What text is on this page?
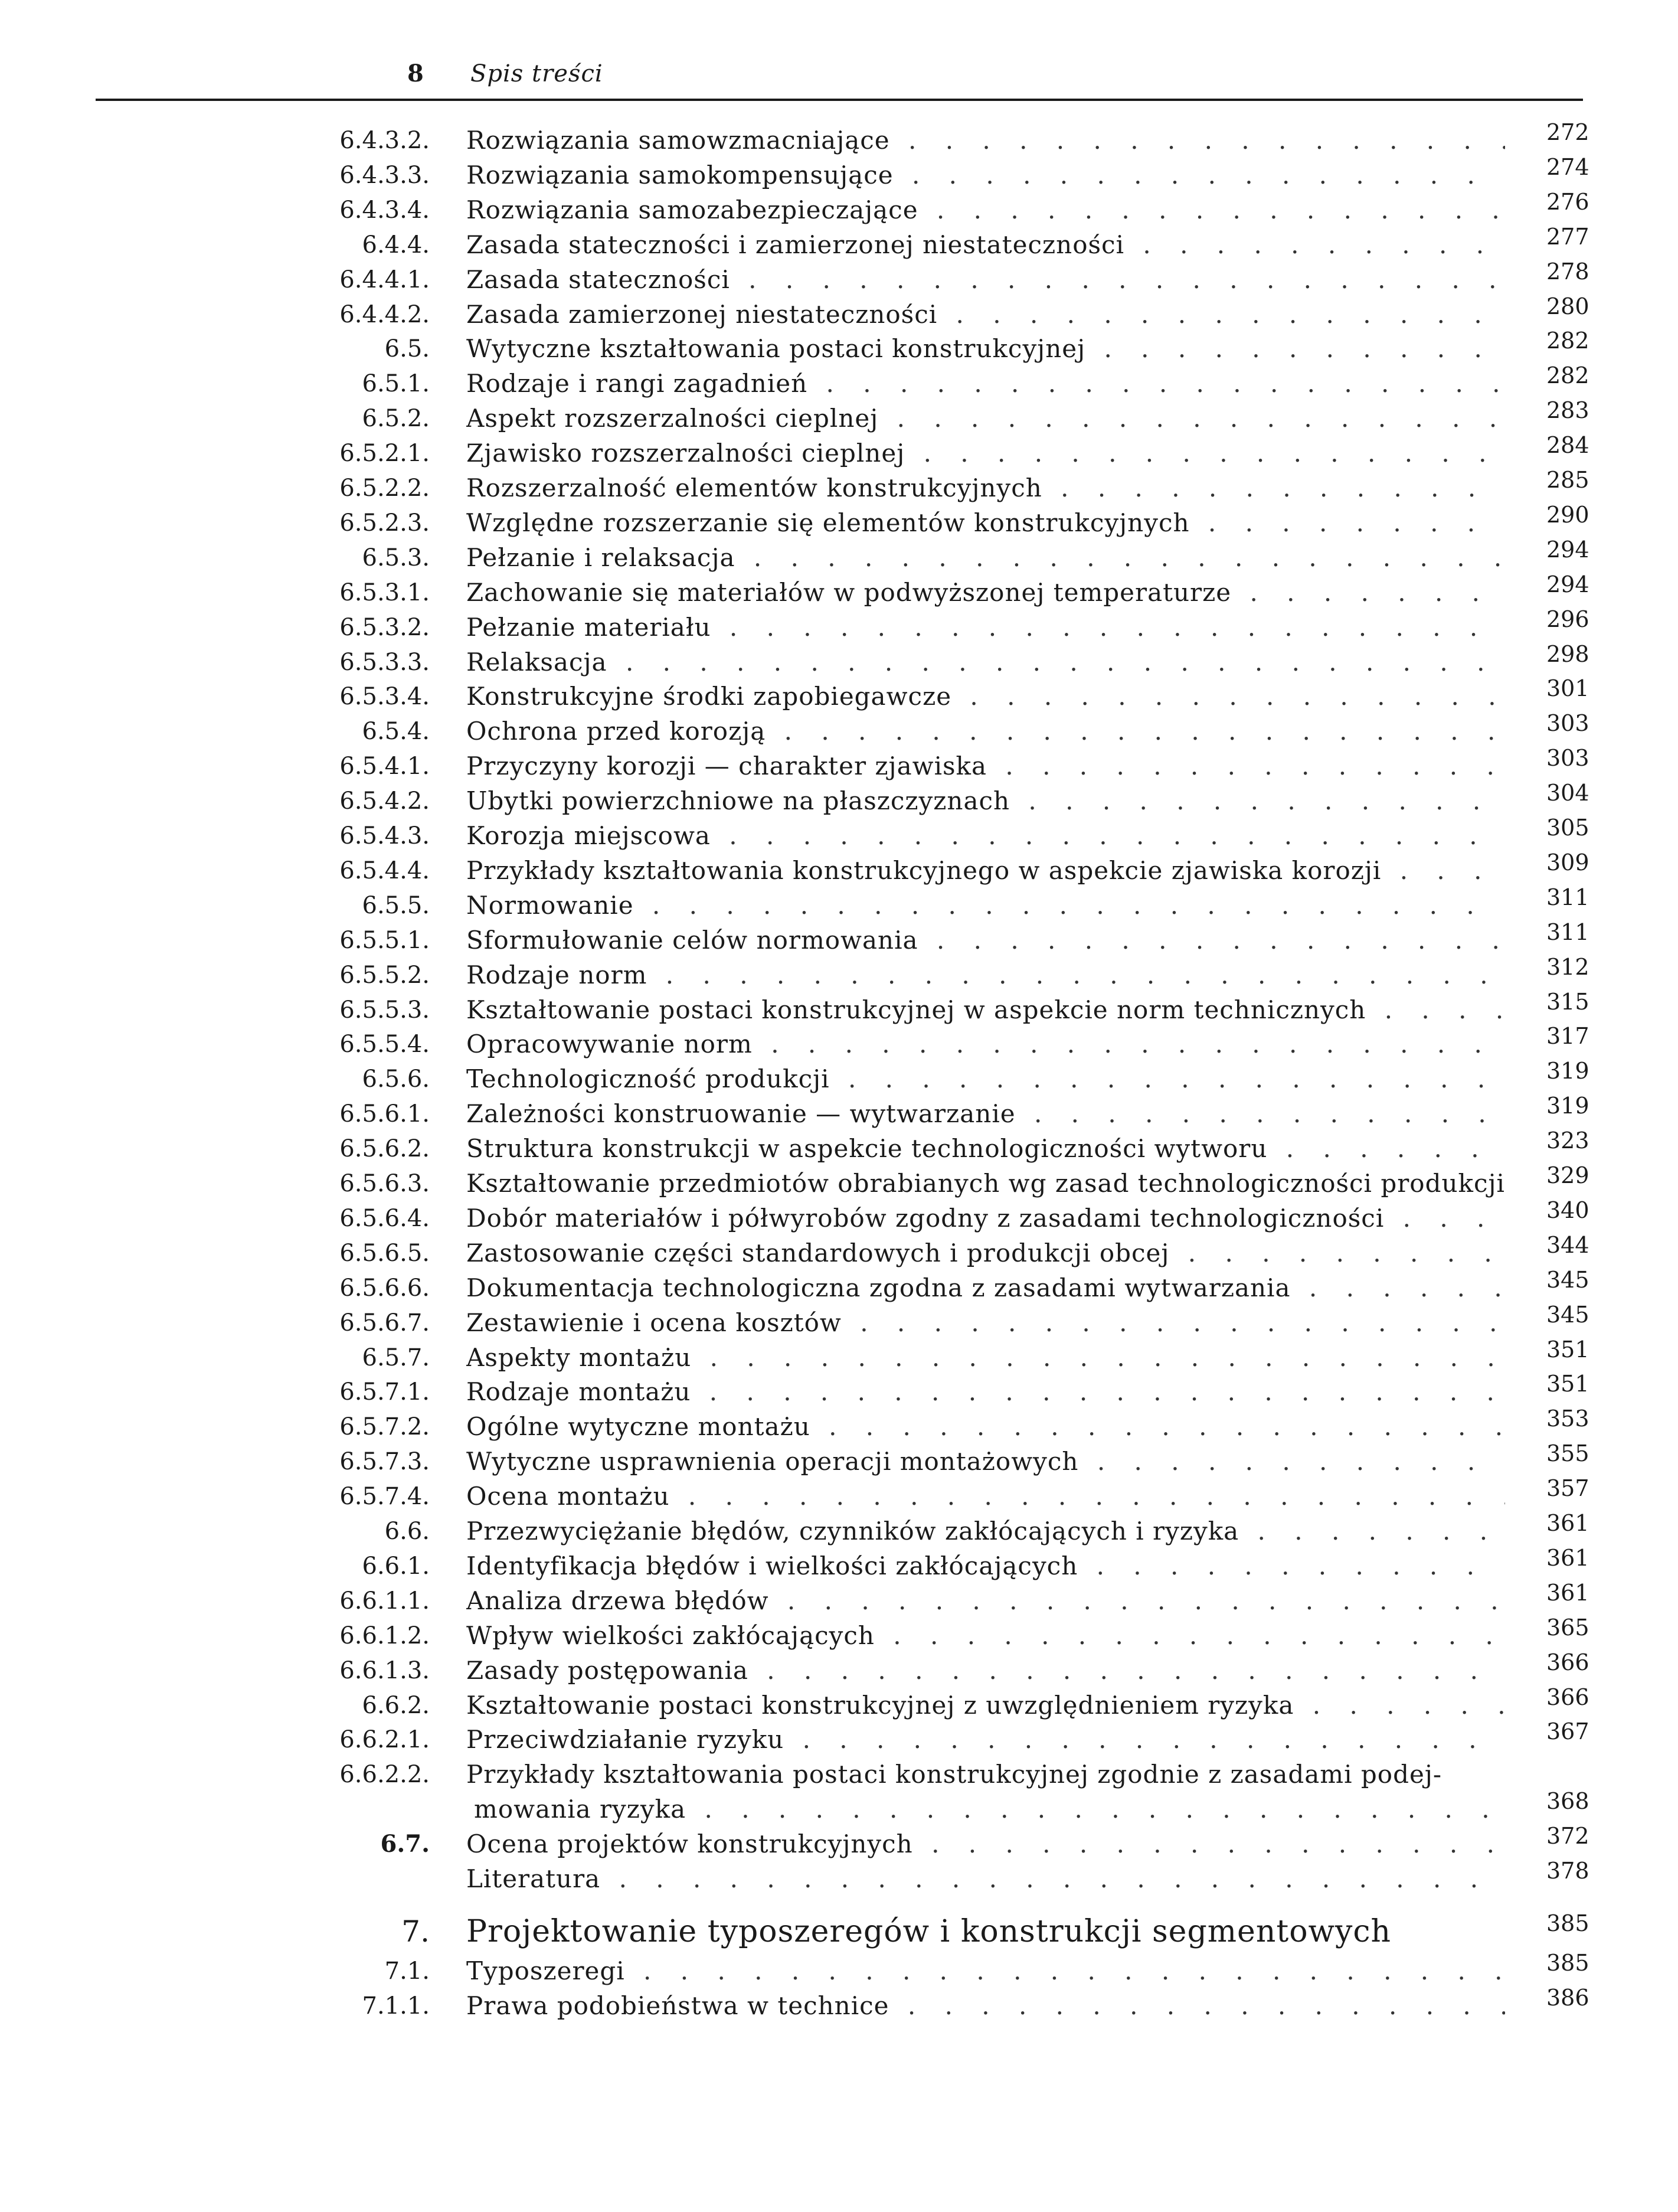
8 Spis treści
6.4.3.2. Rozwiązania samowzmacniające . . .	272
6.4.3.3. Rozwiązania samokompensujące . . .	274
6.4.3.4. Rozwiązania samozabezpieczające . . .	276
6.4.4. Zasada stateczności i zamierzonej niestateczności . . .	277
6.4.4.1. Zasada stateczności . . .	278
6.4.4.2. Zasada zamierzonej niestateczności . . .	280
6.5. Wytyczne kształtowania postaci konstrukcyjnej . . .	282
6.5.1. Rodzaje i rangi zagadnień . . .	282
6.5.2. Aspekt rozszerzalności cieplnej . . .	283
6.5.2.1. Zjawisko rozszerzalności cieplnej . . .	284
6.5.2.2. Rozszerzalność elementów konstrukcyjnych . . .	285
6.5.2.3. Względne rozszerzanie się elementów konstrukcyjnych . . .	290
6.5.3. Pełzanie i relaksacja . . .	294
6.5.3.1. Zachowanie się materiałów w podwyższonej temperaturze . . .	294
6.5.3.2. Pełzanie materiału . . .	296
6.5.3.3. Relaksacja . . .	298
6.5.3.4. Konstrukcyjne środki zapobiegawcze . . .	301
6.5.4. Ochrona przed korozją . . .	303
6.5.4.1. Przyczyny korozji — charakter zjawiska . . .	303
6.5.4.2. Ubytki powierzchniowe na płaszczyznach . . .	304
6.5.4.3. Korozja miejscowa . . .	305
6.5.4.4. Przykłady kształtowania konstrukcyjnego w aspekcie zjawiska korozji . . .	309
6.5.5. Normowanie . . .	311
6.5.5.1. Sformułowanie celów normowania . . .	311
6.5.5.2. Rodzaje norm . . .	312
6.5.5.3. Kształtowanie postaci konstrukcyjnej w aspekcie norm technicznych . . .	315
6.5.5.4. Opracowywanie norm . . .	317
6.5.6. Technologiczność produkcji . . .	319
6.5.6.1. Zależności konstruowanie — wytwarzanie . . .	319
6.5.6.2. Struktura konstrukcji w aspekcie technologiczności wytworu . . .	323
6.5.6.3. Kształtowanie przedmiotów obrabianych wg zasad technologiczności produkcji . . . 329
6.5.6.4. Dobór materiałów i półwyrobów zgodny z zasadami technologiczności . . .	340
6.5.6.5. Zastosowanie części standardowych i produkcji obcej . . .	344
6.5.6.6. Dokumentacja technologiczna zgodna z zasadami wytwarzania . . .	345
6.5.6.7. Zestawienie i ocena kosztów . . .	345
6.5.7. Aspekty montażu . . .	351
6.5.7.1. Rodzaje montażu . . .	351
6.5.7.2. Ogólne wytyczne montażu . . .	353
6.5.7.3. Wytyczne usprawnienia operacji montażowych . . .	355
6.5.7.4. Ocena montażu . . .	357
6.6. Przezwyciężanie błędów, czynników zakłócających i ryzyka . . .	361
6.6.1. Identyfikacja błędów i wielkości zakłócających . . .	361
6.6.1.1. Analiza drzewa błędów . . .	361
6.6.1.2. Wpływ wielkości zakłócających . . .	365
6.6.1.3. Zasady postępowania . . .	366
6.6.2. Kształtowanie postaci konstrukcyjnej z uwzględnieniem ryzyka . . .	366
6.6.2.1. Przeciwdziałanie ryzyku . . .	367
6.6.2.2. Przykłady kształtowania postaci konstrukcyjnej zgodnie z zasadami podej-
mowania ryzyka . . .	368
6.7. Ocena projektów konstrukcyjnych . . .	372
Literatura . . .	378
7. Projektowanie typoszeregów i konstrukcji segmentowych	385
7.1. Typoszeregi . . .	385
7.1.1. Prawa podobieństwa w technice . . .	386
